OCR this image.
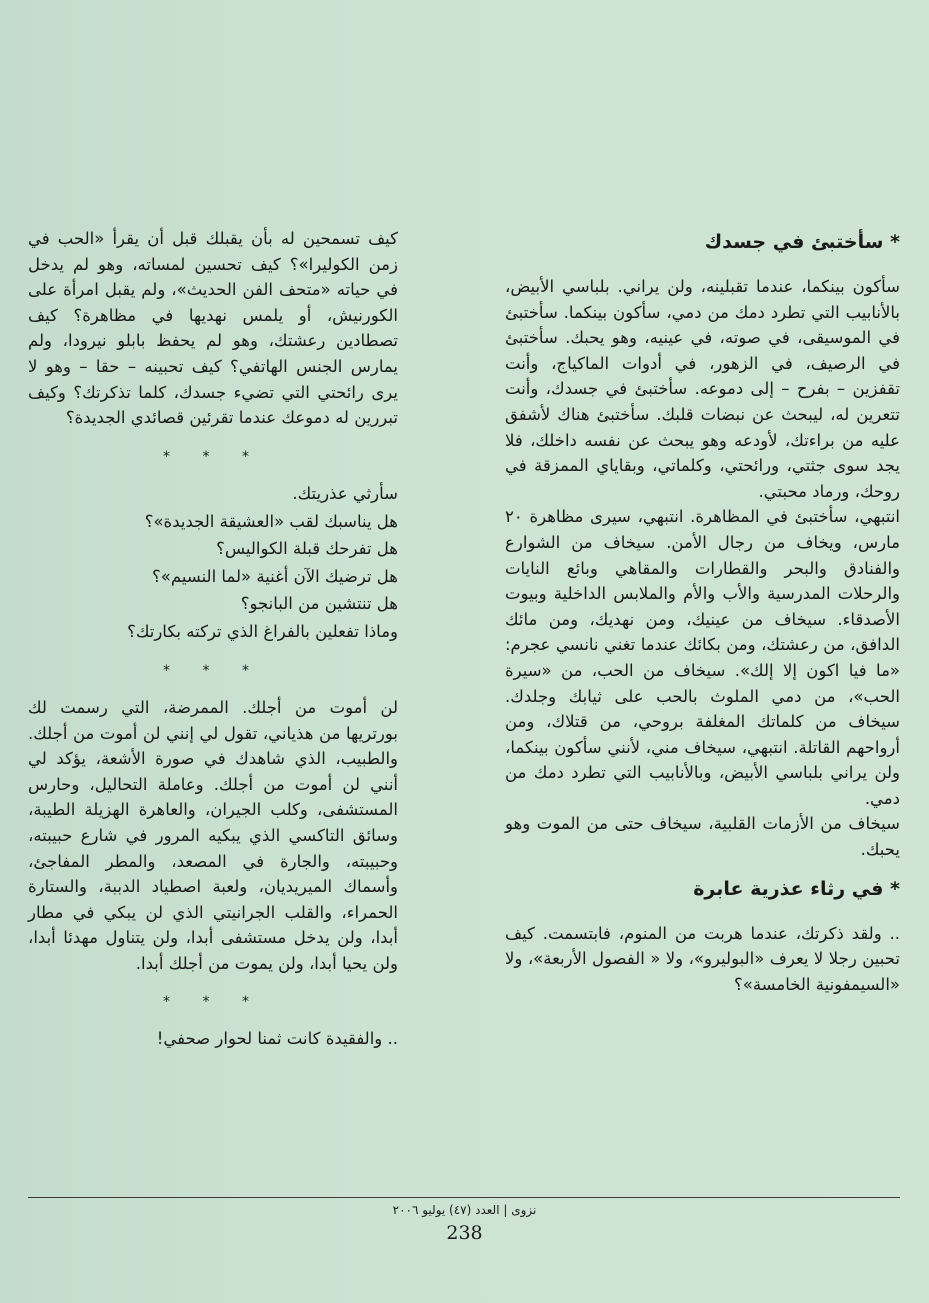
* سأختبئ في جسدك

سأكون بينكما، عندما تقبلينه، ولن يراني. بلباسي الأبيض، بالأنابيب التي تطرد دمك من دمي، سأكون بينكما. سأختبئ في الموسيقى، في صوته، في عينيه، وهو يحبك. سأختبئ في الرصيف، في الزهور، في أدوات الماكياج، وأنت تقفزين – بفرح – إلى دموعه. سأختبئ في جسدك، وأنت تتعرين له، ليبحث عن نبضات قلبك. سأختبئ هناك لأشفق عليه من براءتك، لأودعه وهو يبحث عن نفسه داخلك، فلا يجد سوى جثتي، ورائحتي، وكلماتي، وبقاياي الممزقة في روحك، ورماد محبتي.

انتبهي، سأختبئ في المظاهرة. انتبهي، سيرى مظاهرة ٢٠ مارس، ويخاف من رجال الأمن. سيخاف من الشوارع والفنادق والبحر والقطارات والمقاهي وبائع النايات والرحلات المدرسية والأب والأم والملابس الداخلية وبيوت الأصدقاء. سيخاف من عينيك، ومن نهديك، ومن مائك الدافق، من رعشتك، ومن بكائك عندما تغني نانسي عجرم: «ما فيا اكون إلا إلك». سيخاف من الحب، من «سيرة الحب»، من دمي الملوث بالحب على ثيابك وجلدك. سيخاف من كلماتك المغلفة بروحي، من قتلاك، ومن أرواحهم القاتلة. انتبهي، سيخاف مني، لأنني سأكون بينكما، ولن يراني بلباسي الأبيض، وبالأنابيب التي تطرد دمك من دمي.

سيخاف من الأزمات القلبية، سيخاف حتى من الموت وهو يحبك.

* في رثاء عذرية عابرة

.. ولقد ذكرتك، عندما هربت من المنوم، فابتسمت. كيف تحبين رجلا لا يعرف «البوليرو»، ولا « الفصول الأربعة»، ولا «السيمفونية الخامسة»؟

كيف تسمحين له بأن يقبلك قبل أن يقرأ «الحب في زمن الكوليرا»؟ كيف تحسين لمساته، وهو لم يدخل في حياته «متحف الفن الحديث»، ولم يقبل امرأة على الكورنيش، أو يلمس نهديها في مظاهرة؟ كيف تصطادين رعشتك، وهو لم يحفظ بابلو نيرودا، ولم يمارس الجنس الهاتفي؟ كيف تحبينه – حقا – وهو لا يرى رائحتي التي تضيء جسدك، كلما تذكرتك؟ وكيف تبررين له دموعك عندما تقرئين قصائدي الجديدة؟

* * *

سأرثي عذريتك.

هل يناسبك لقب «العشيقة الجديدة»؟

هل تفرحك قبلة الكواليس؟

هل ترضيك الآن أغنية «لما النسيم»؟

هل تنتشين من البانجو؟

وماذا تفعلين بالفراغ الذي تركته بكارتك؟

* * *

لن أموت من أجلك. الممرضة، التي رسمت لك بورتريها من هذياني، تقول لي إنني لن أموت من أجلك. والطبيب، الذي شاهدك في صورة الأشعة، يؤكد لي أنني لن أموت من أجلك. وعاملة التحاليل، وحارس المستشفى، وكلب الجيران، والعاهرة الهزيلة الطيبة، وسائق التاكسي الذي يبكيه المرور في شارع حبيبته، وحبيبته، والجارة في المصعد، والمطر المفاجئ، وأسماك الميريديان، ولعبة اصطياد الدببة، والستارة الحمراء، والقلب الجرانيتي الذي لن يبكي في مطار أبدا، ولن يدخل مستشفى أبدا، ولن يتناول مهدئا أبدا، ولن يحيا أبدا، ولن يموت من أجلك أبدا.

* * *

.. والفقيدة كانت ثمنا لحوار صحفي!

نزوى | العدد (٤٧) يوليو ٢٠٠٦
238
